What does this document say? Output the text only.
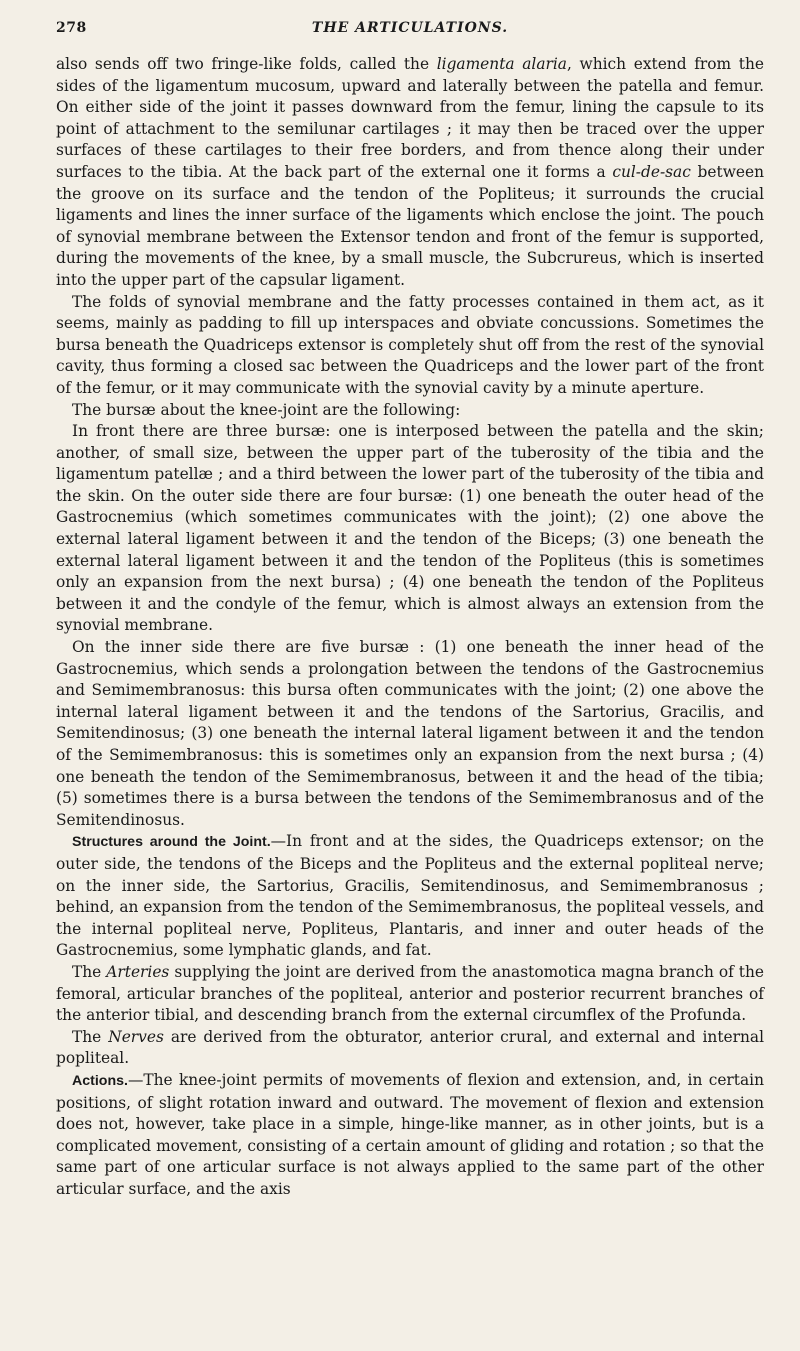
278	THE ARTICULATIONS.

also sends off two fringe-like folds, called the ligamenta alaria, which extend from the sides of the ligamentum mucosum, upward and laterally between the patella and femur. On either side of the joint it passes downward from the femur, lining the capsule to its point of attachment to the semilunar cartilages ; it may then be traced over the upper surfaces of these cartilages to their free borders, and from thence along their under surfaces to the tibia. At the back part of the external one it forms a cul-de-sac between the groove on its surface and the tendon of the Popliteus; it surrounds the crucial ligaments and lines the inner surface of the ligaments which enclose the joint. The pouch of synovial membrane between the Extensor tendon and front of the femur is supported, during the movements of the knee, by a small muscle, the Subcrureus, which is inserted into the upper part of the capsular ligament.

The folds of synovial membrane and the fatty processes contained in them act, as it seems, mainly as padding to fill up interspaces and obviate concussions. Sometimes the bursa beneath the Quadriceps extensor is completely shut off from the rest of the synovial cavity, thus forming a closed sac between the Quadriceps and the lower part of the front of the femur, or it may communicate with the synovial cavity by a minute aperture.

The bursæ about the knee-joint are the following:

In front there are three bursæ: one is interposed between the patella and the skin; another, of small size, between the upper part of the tuberosity of the tibia and the ligamentum patellæ ; and a third between the lower part of the tuberosity of the tibia and the skin. On the outer side there are four bursæ: (1) one beneath the outer head of the Gastrocnemius (which sometimes communicates with the joint); (2) one above the external lateral ligament between it and the tendon of the Biceps; (3) one beneath the external lateral ligament between it and the tendon of the Popliteus (this is sometimes only an expansion from the next bursa) ; (4) one beneath the tendon of the Popliteus between it and the condyle of the femur, which is almost always an extension from the synovial membrane.

On the inner side there are five bursæ : (1) one beneath the inner head of the Gastrocnemius, which sends a prolongation between the tendons of the Gastrocnemius and Semimembranosus: this bursa often communicates with the joint; (2) one above the internal lateral ligament between it and the tendons of the Sartorius, Gracilis, and Semitendinosus; (3) one beneath the internal lateral ligament between it and the tendon of the Semimembranosus: this is sometimes only an expansion from the next bursa ; (4) one beneath the tendon of the Semimembranosus, between it and the head of the tibia; (5) sometimes there is a bursa between the tendons of the Semimembranosus and of the Semitendinosus.

Structures around the Joint.—In front and at the sides, the Quadriceps extensor; on the outer side, the tendons of the Biceps and the Popliteus and the external popliteal nerve; on the inner side, the Sartorius, Gracilis, Semitendinosus, and Semimembranosus ; behind, an expansion from the tendon of the Semimembranosus, the popliteal vessels, and the internal popliteal nerve, Popliteus, Plantaris, and inner and outer heads of the Gastrocnemius, some lymphatic glands, and fat.

The Arteries supplying the joint are derived from the anastomotica magna branch of the femoral, articular branches of the popliteal, anterior and posterior recurrent branches of the anterior tibial, and descending branch from the external circumflex of the Profunda.

The Nerves are derived from the obturator, anterior crural, and external and internal popliteal.

Actions.—The knee-joint permits of movements of flexion and extension, and, in certain positions, of slight rotation inward and outward. The movement of flexion and extension does not, however, take place in a simple, hinge-like manner, as in other joints, but is a complicated movement, consisting of a certain amount of gliding and rotation ; so that the same part of one articular surface is not always applied to the same part of the other articular surface, and the axis
